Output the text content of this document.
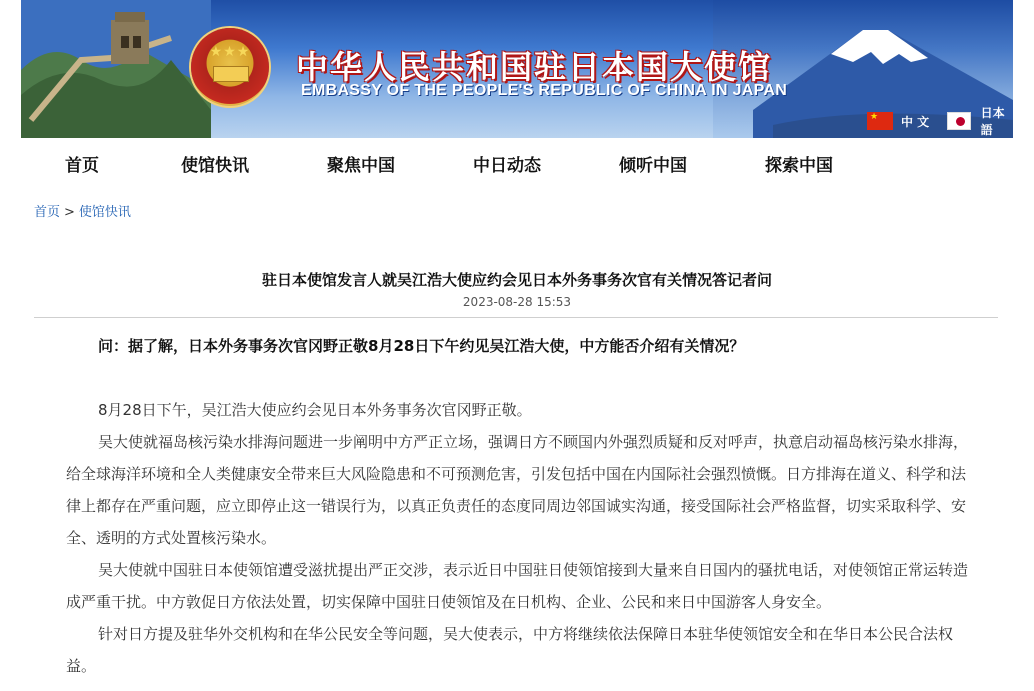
★★★	中华人民共和国驻日本国大使馆
EMBASSY OF THE PEOPLE'S REPUBLIC OF CHINA IN JAPAN
★
中 文
日本語
首页	使馆快讯	聚焦中国	中日动态	倾听中国	探索中国
首页 > 使馆快讯
驻日本使馆发言人就吴江浩大使应约会见日本外务事务次官有关情况答记者问
2023-08-28 15:53

问：据了解，日本外务事务次官冈野正敬8月28日下午约见吴江浩大使，中方能否介绍有关情况？

8月28日下午，吴江浩大使应约会见日本外务事务次官冈野正敬。

吴大使就福岛核污染水排海问题进一步阐明中方严正立场，强调日方不顾国内外强烈质疑和反对呼声，执意启动福岛核污染水排海，给全球海洋环境和全人类健康安全带来巨大风险隐患和不可预测危害，引发包括中国在内国际社会强烈愤慨。日方排海在道义、科学和法律上都存在严重问题，应立即停止这一错误行为，以真正负责任的态度同周边邻国诚实沟通，接受国际社会严格监督，切实采取科学、安全、透明的方式处置核污染水。

吴大使就中国驻日本使领馆遭受滋扰提出严正交涉，表示近日中国驻日使领馆接到大量来自日国内的骚扰电话，对使领馆正常运转造成严重干扰。中方敦促日方依法处置，切实保障中国驻日使领馆及在日机构、企业、公民和来日中国游客人身安全。

针对日方提及驻华外交机构和在华公民安全等问题，吴大使表示，中方将继续依法保障日本驻华使领馆安全和在华日本公民合法权益。
